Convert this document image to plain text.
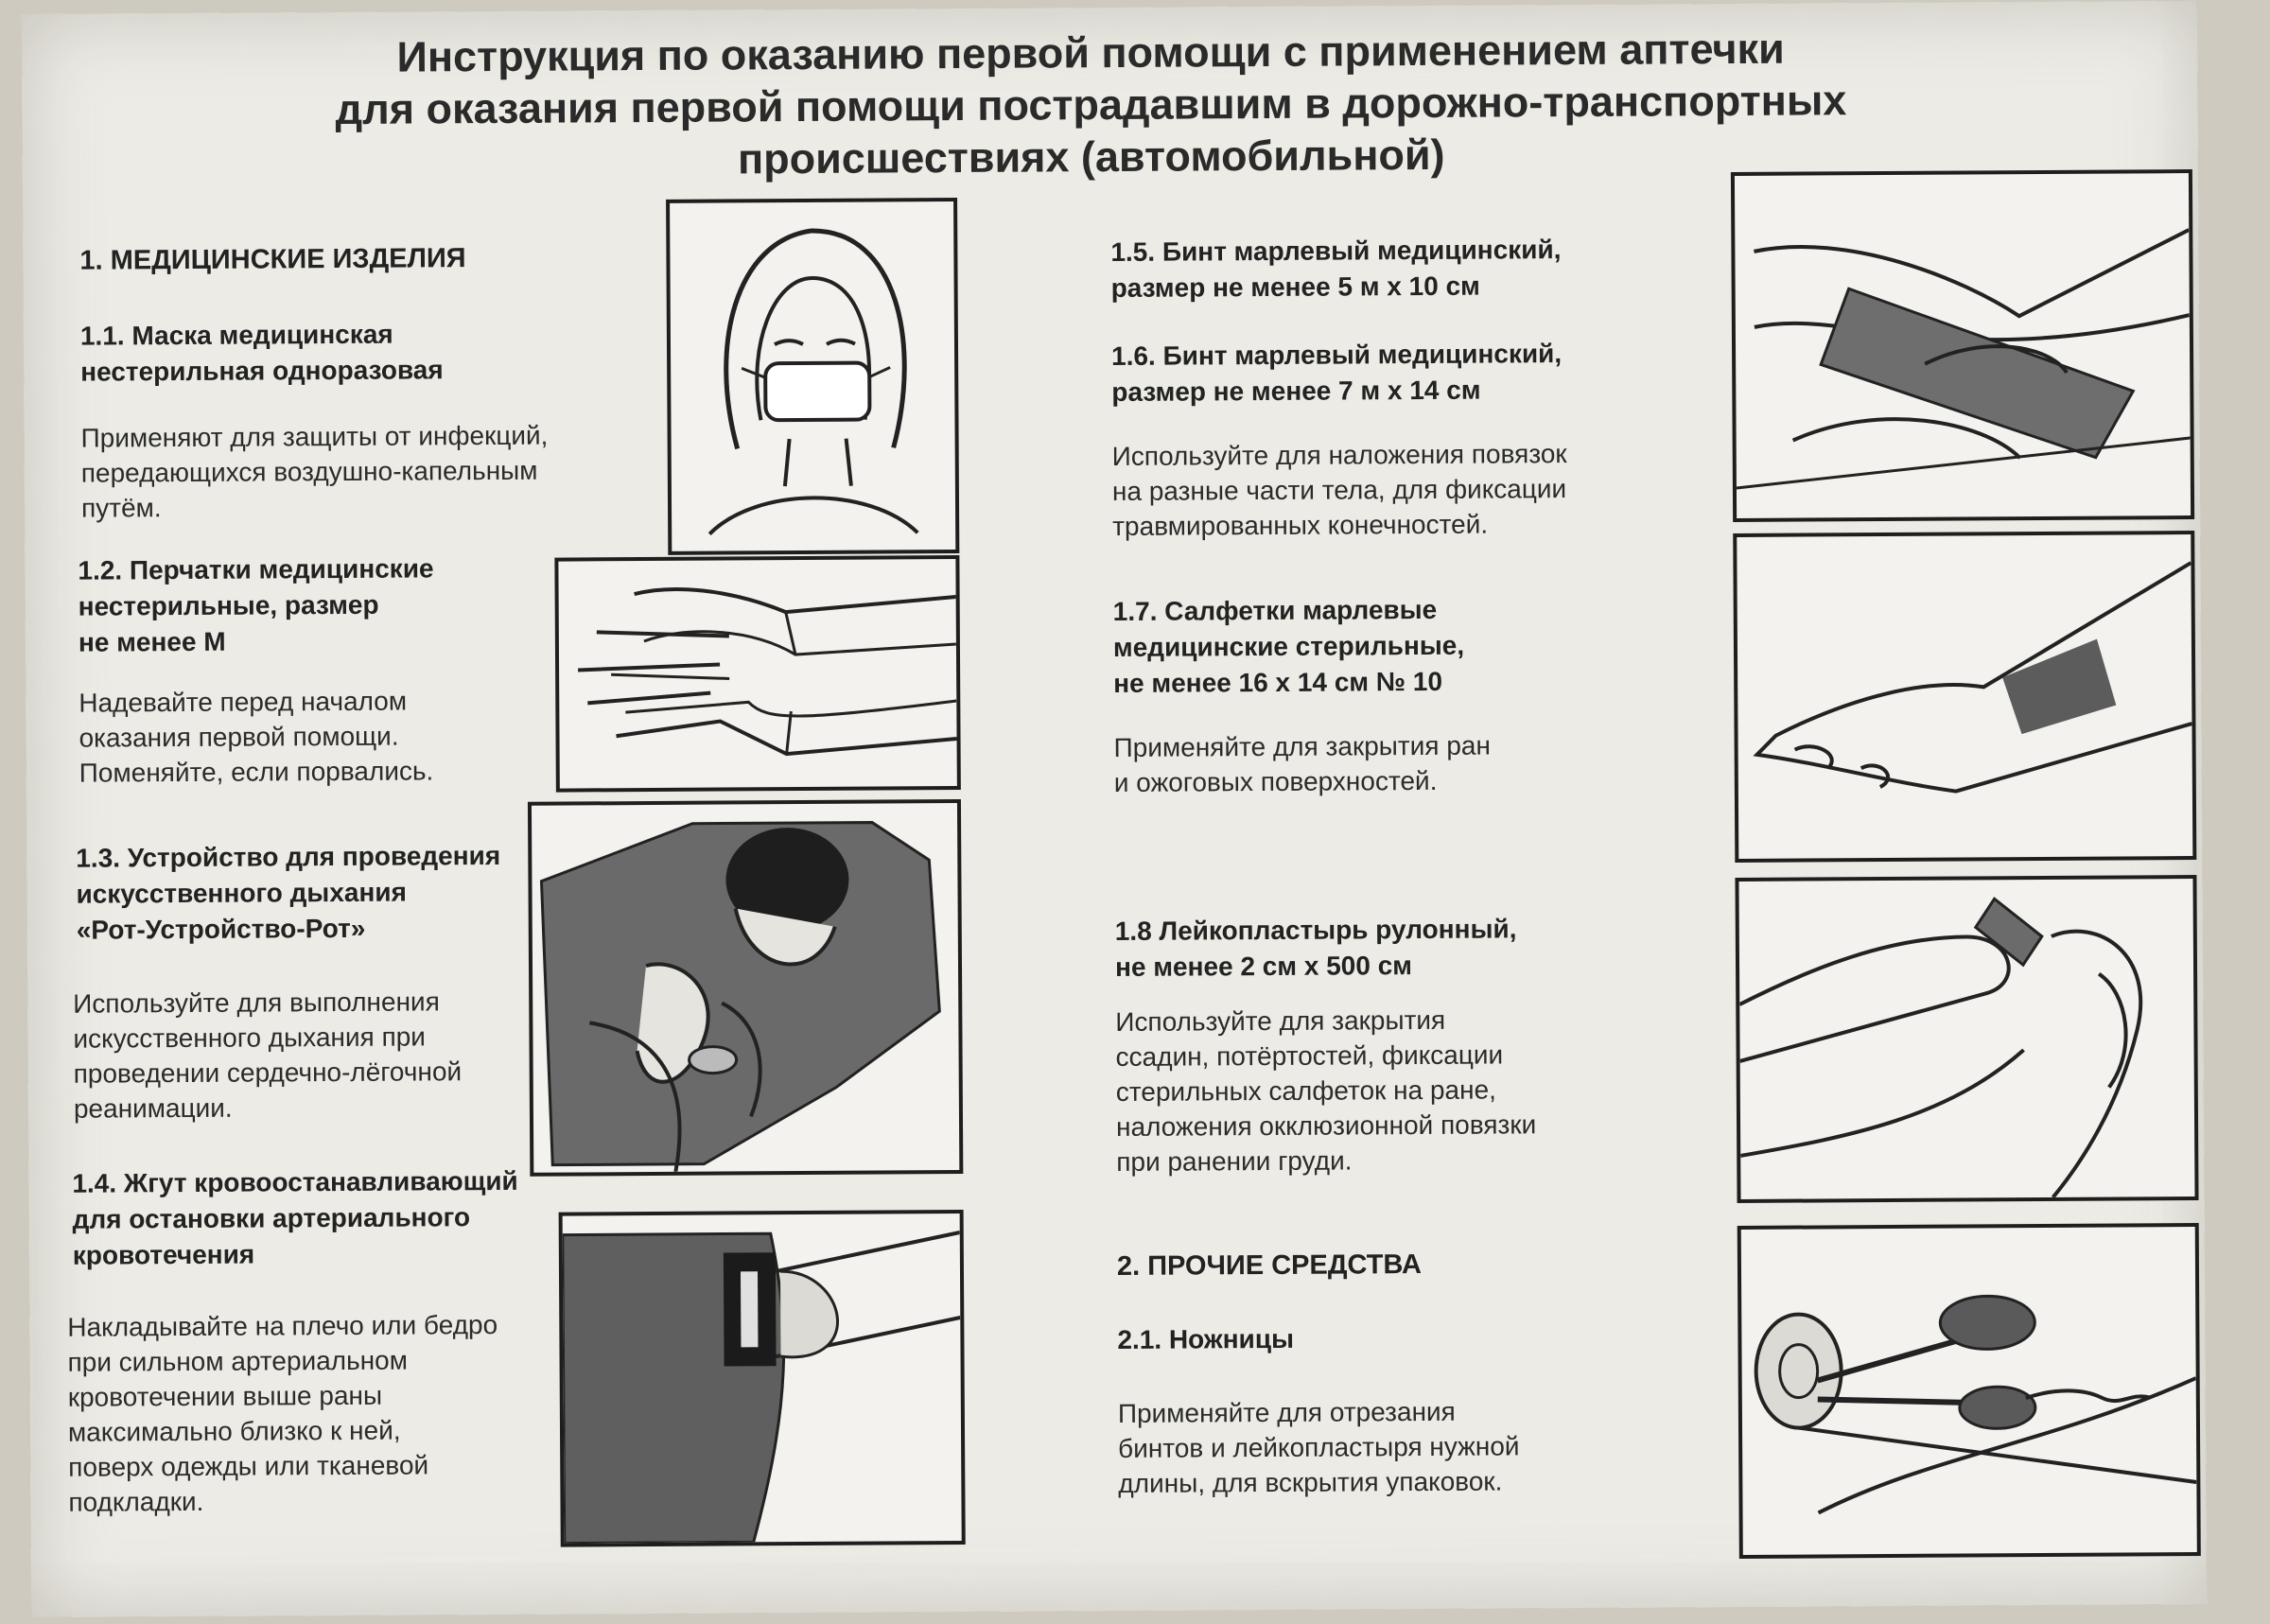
Инструкция по оказанию первой помощи с применением аптечки
для оказания первой помощи пострадавшим в дорожно-транспортных
происшествиях (автомобильной)
1. МЕДИЦИНСКИЕ ИЗДЕЛИЯ
1.1. Маска медицинская
нестерильная одноразовая
Применяют для защиты от инфекций,
передающихся воздушно-капельным
путём.
1.2. Перчатки медицинские
нестерильные, размер
не менее М
Надевайте перед началом
оказания первой помощи.
Поменяйте, если порвались.
1.3. Устройство для проведения
искусственного дыхания
«Рот-Устройство-Рот»
Используйте для выполнения
искусственного дыхания при
проведении сердечно-лёгочной
реанимации.
1.4. Жгут кровоостанавливающий
для остановки артериального
кровотечения
Накладывайте на плечо или бедро
при сильном артериальном
кровотечении выше раны
максимально близко к ней,
поверх одежды или тканевой
подкладки.
1.5. Бинт марлевый медицинский,
размер не менее 5 м х 10 см
1.6. Бинт марлевый медицинский,
размер не менее 7 м х 14 см
Используйте для наложения повязок
на разные части тела, для фиксации
травмированных конечностей.
1.7. Салфетки марлевые
медицинские стерильные,
не менее 16 х 14 см № 10
Применяйте для закрытия ран
и ожоговых поверхностей.
1.8 Лейкопластырь рулонный,
не менее 2 см х 500 см
Используйте для закрытия
ссадин, потёртостей, фиксации
стерильных салфеток на ране,
наложения окклюзионной повязки
при ранении груди.
2. ПРОЧИЕ СРЕДСТВА
2.1. Ножницы
Применяйте для отрезания
бинтов и лейкопластыря нужной
длины, для вскрытия упаковок.
